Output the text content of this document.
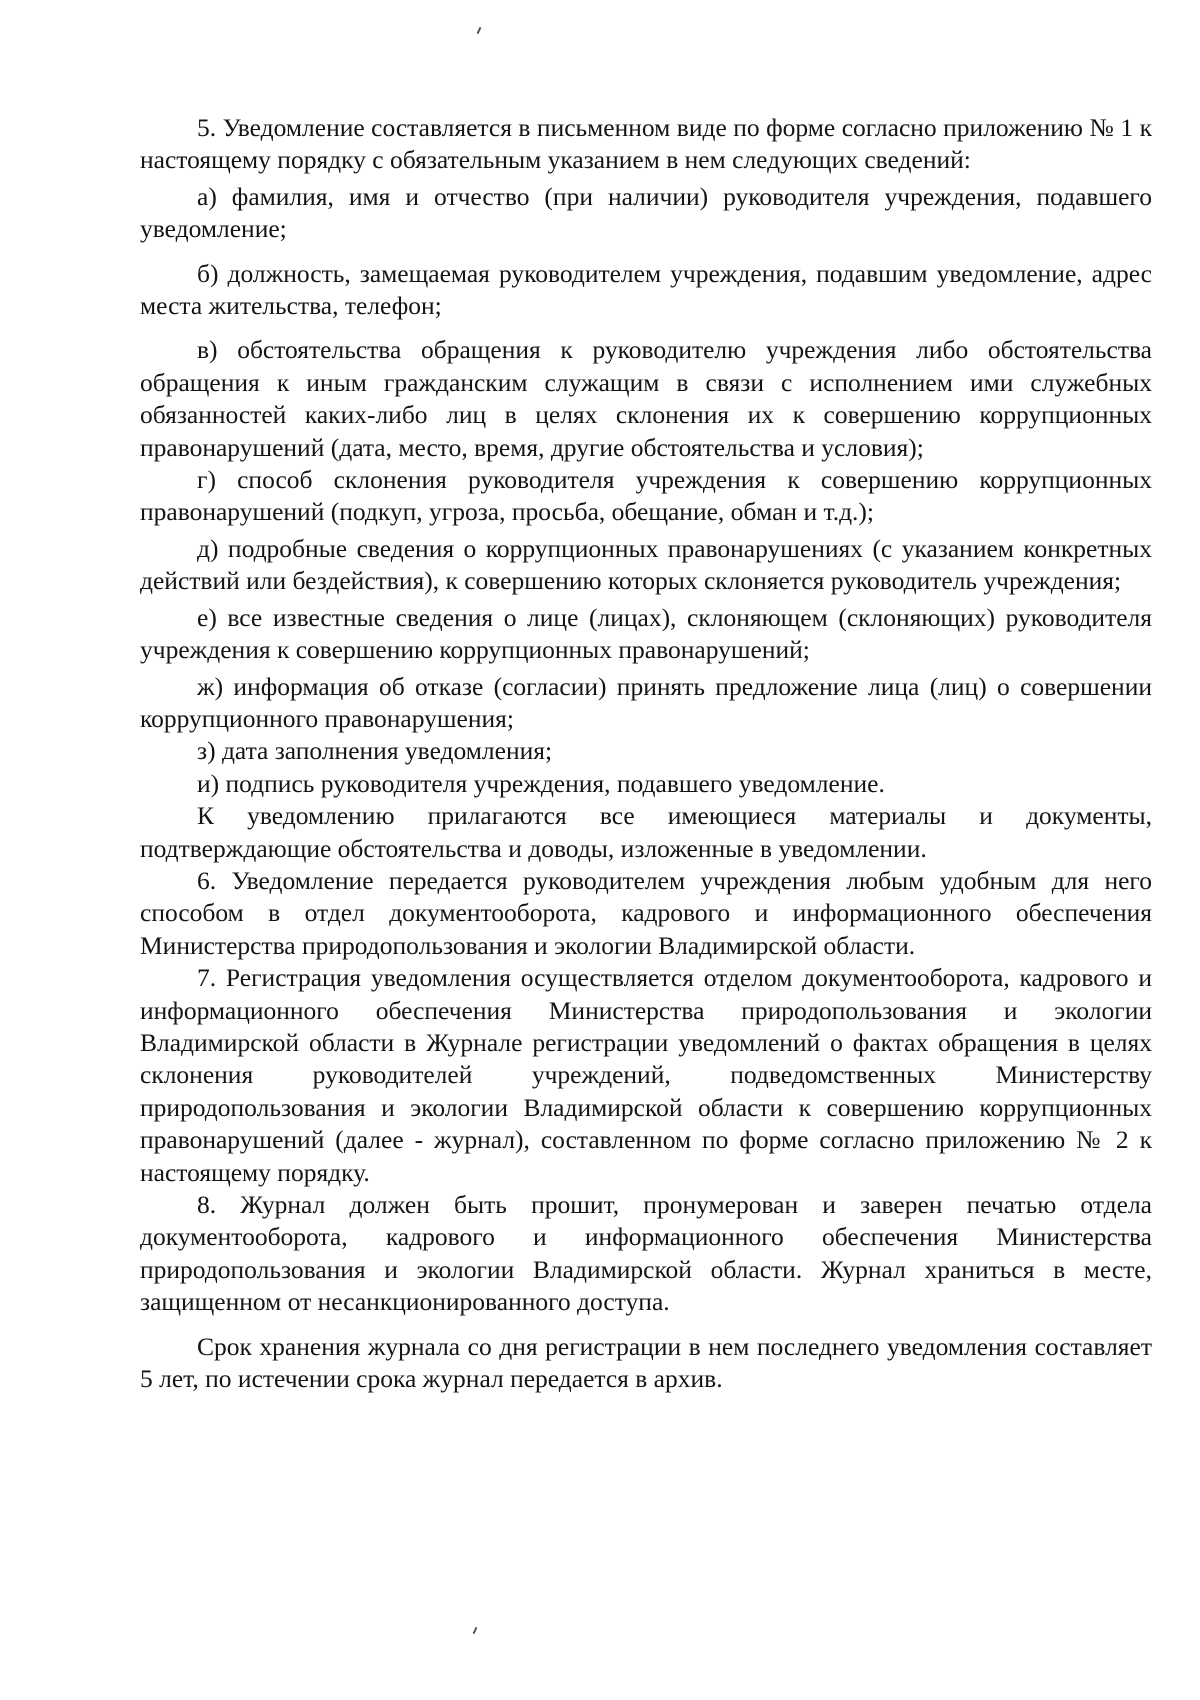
5. Уведомление составляется в письменном виде по форме согласно приложению № 1 к настоящему порядку с обязательным указанием в нем следующих сведений:

а) фамилия, имя и отчество (при наличии) руководителя учреждения, подавшего уведомление;

б) должность, замещаемая руководителем учреждения, подавшим уведомление, адрес места жительства, телефон;

в) обстоятельства обращения к руководителю учреждения либо обстоятельства обращения к иным гражданским служащим в связи с исполнением ими служебных обязанностей каких-либо лиц в целях склонения их к совершению коррупционных правонарушений (дата, место, время, другие обстоятельства и условия);

г) способ склонения руководителя учреждения к совершению коррупционных правонарушений (подкуп, угроза, просьба, обещание, обман и т.д.);

д) подробные сведения о коррупционных правонарушениях (с указанием конкретных действий или бездействия), к совершению которых склоняется руководитель учреждения;

е) все известные сведения о лице (лицах), склоняющем (склоняющих) руководителя учреждения к совершению коррупционных правонарушений;

ж) информация об отказе (согласии) принять предложение лица (лиц) о совершении коррупционного правонарушения;

з) дата заполнения уведомления;

и) подпись руководителя учреждения, подавшего уведомление.

К уведомлению прилагаются все имеющиеся материалы и документы, подтверждающие обстоятельства и доводы, изложенные в уведомлении.

6. Уведомление передается руководителем учреждения любым удобным для него способом в отдел документооборота, кадрового и информационного обеспечения Министерства природопользования и экологии Владимирской области.

7. Регистрация уведомления осуществляется отделом документооборота, кадрового и информационного обеспечения Министерства природопользования и экологии Владимирской области в Журнале регистрации уведомлений о фактах обращения в целях склонения руководителей учреждений, подведомственных Министерству природопользования и экологии Владимирской области к совершению коррупционных правонарушений (далее - журнал), составленном по форме согласно приложению № 2 к настоящему порядку.

8. Журнал должен быть прошит, пронумерован и заверен печатью отдела документооборота, кадрового и информационного обеспечения Министерства природопользования и экологии Владимирской области. Журнал храниться в месте, защищенном от несанкционированного доступа.

Срок хранения журнала со дня регистрации в нем последнего уведомления составляет 5 лет, по истечении срока журнал передается в архив.
